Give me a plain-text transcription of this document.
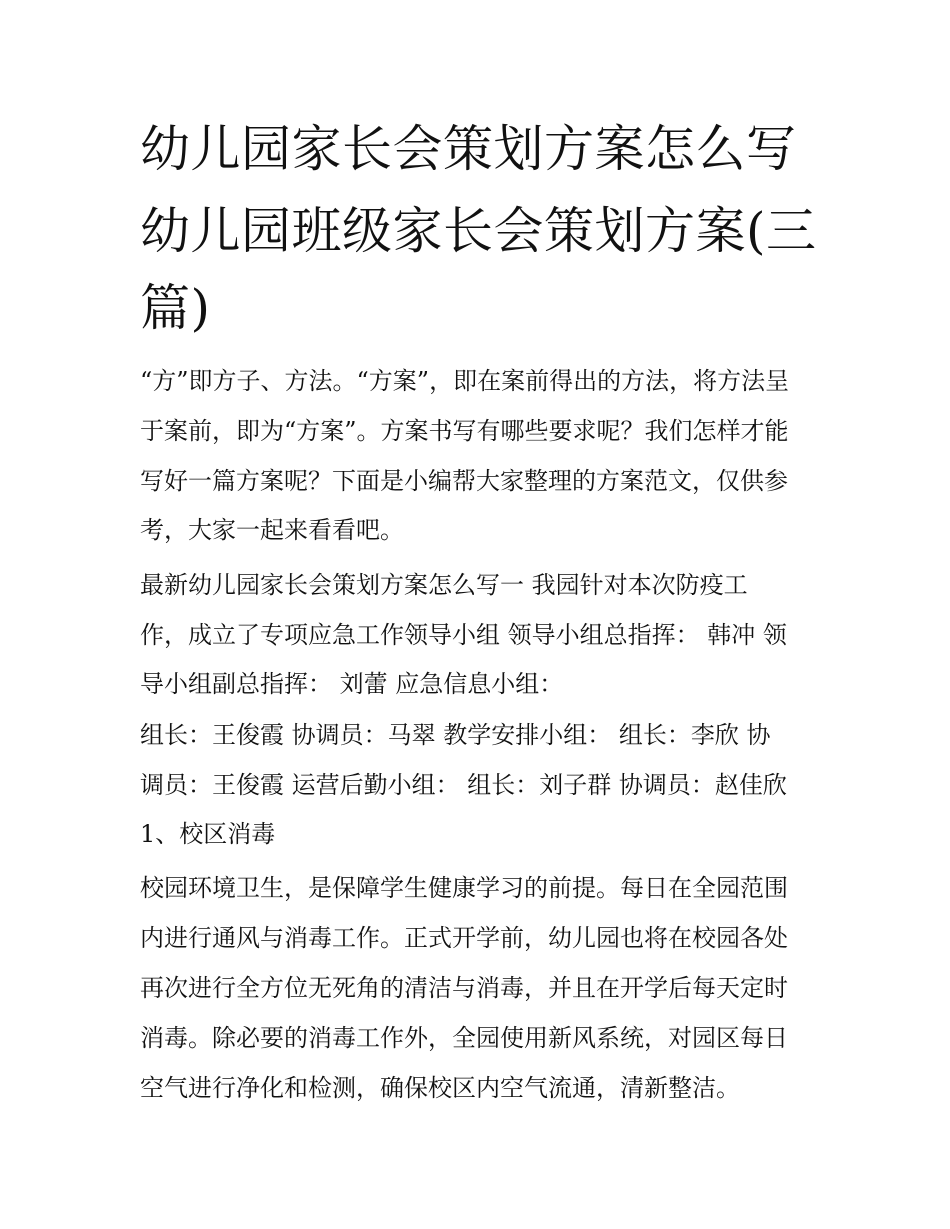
幼儿园家长会策划方案怎么写
幼儿园班级家长会策划方案(三
篇)
“方”即方子、方法。“方案”，即在案前得出的方法，将方法呈
于案前，即为“方案”。方案书写有哪些要求呢？我们怎样才能
写好一篇方案呢？下面是小编帮大家整理的方案范文，仅供参
考，大家一起来看看吧。
最新幼儿园家长会策划方案怎么写一 我园针对本次防疫工
作，成立了专项应急工作领导小组 领导小组总指挥： 韩冲 领
导小组副总指挥： 刘蕾 应急信息小组：
组长：王俊霞 协调员：马翠 教学安排小组： 组长：李欣 协
调员：王俊霞 运营后勤小组： 组长：刘子群 协调员：赵佳欣
1、校区消毒
校园环境卫生，是保障学生健康学习的前提。每日在全园范围
内进行通风与消毒工作。正式开学前，幼儿园也将在校园各处
再次进行全方位无死角的清洁与消毒，并且在开学后每天定时
消毒。除必要的消毒工作外，全园使用新风系统，对园区每日
空气进行净化和检测，确保校区内空气流通，清新整洁。
